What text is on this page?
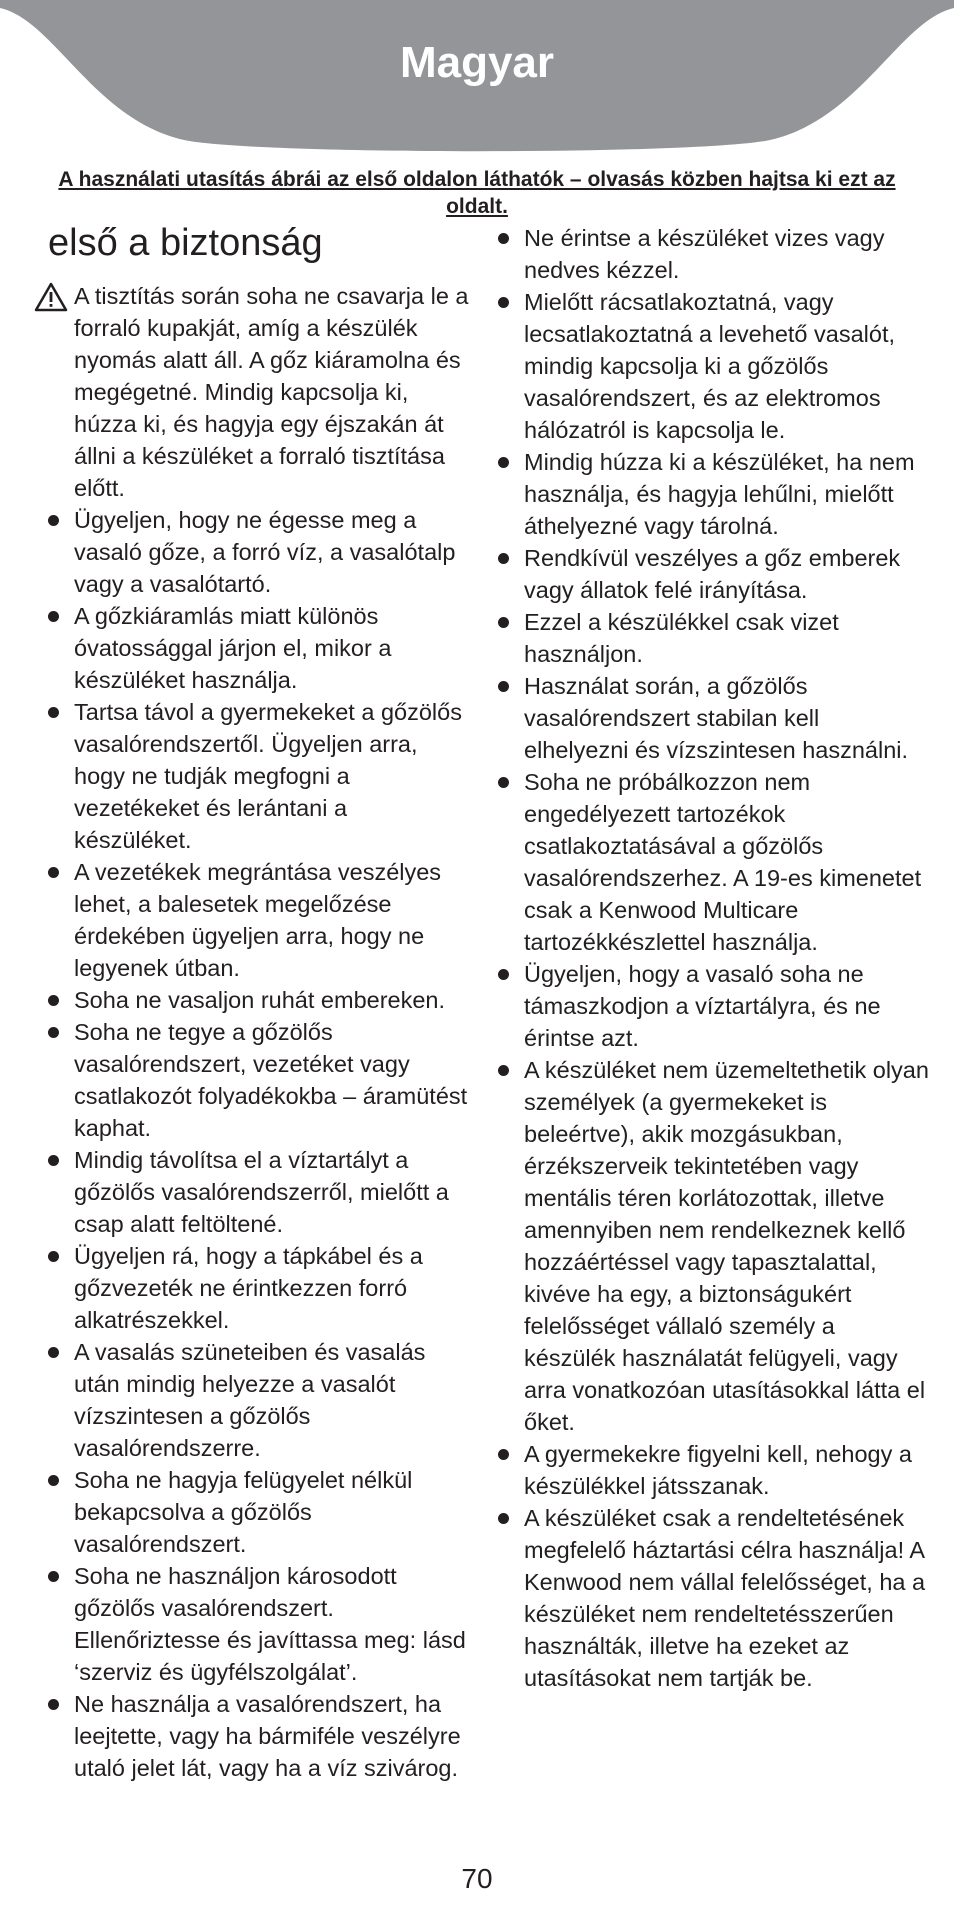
Magyar
A használati utasítás ábrái az első oldalon láthatók – olvasás közben hajtsa ki ezt az oldalt.
első a biztonság
A tisztítás során soha ne csavarja le a forraló kupakját, amíg a készülék nyomás alatt áll. A gőz kiáramolna és megégetné. Mindig kapcsolja ki, húzza ki, és hagyja egy éjszakán át állni a készüléket a forraló tisztítása előtt.
Ügyeljen, hogy ne égesse meg a vasaló gőze, a forró víz, a vasalótalp vagy a vasalótartó.
A gőzkiáramlás miatt különös óvatossággal járjon el, mikor a készüléket használja.
Tartsa távol a gyermekeket a gőzölős vasalórendszertől. Ügyeljen arra, hogy ne tudják megfogni a vezetékeket és lerántani a készüléket.
A vezetékek megrántása veszélyes lehet, a balesetek megelőzése érdekében ügyeljen arra, hogy ne legyenek útban.
Soha ne vasaljon ruhát embereken.
Soha ne tegye a gőzölős vasalórendszert, vezetéket vagy csatlakozót folyadékokba – áramütést kaphat.
Mindig távolítsa el a víztartályt a gőzölős vasalórendszerről, mielőtt a csap alatt feltöltené.
Ügyeljen rá, hogy a tápkábel és a gőzvezeték ne érintkezzen forró alkatrészekkel.
A vasalás szüneteiben és vasalás után mindig helyezze a vasalót vízszintesen a gőzölős vasalórendszerre.
Soha ne hagyja felügyelet nélkül bekapcsolva a gőzölős vasalórendszert.
Soha ne használjon károsodott gőzölős vasalórendszert. Ellenőriztesse és javíttassa meg: lásd ‘szerviz és ügyfélszolgálat’.
Ne használja a vasalórendszert, ha leejtette, vagy ha bármiféle veszélyre utaló jelet lát, vagy ha a víz szivárog.
Ne érintse a készüléket vizes vagy nedves kézzel.
Mielőtt rácsatlakoztatná, vagy lecsatlakoztatná a levehető vasalót, mindig kapcsolja ki a gőzölős vasalórendszert, és az elektromos hálózatról is kapcsolja le.
Mindig húzza ki a készüléket, ha nem használja, és hagyja lehűlni, mielőtt áthelyezné vagy tárolná.
Rendkívül veszélyes a gőz emberek vagy állatok felé irányítása.
Ezzel a készülékkel csak vizet használjon.
Használat során, a gőzölős vasalórendszert stabilan kell elhelyezni és vízszintesen használni.
Soha ne próbálkozzon nem engedélyezett tartozékok csatlakoztatásával a gőzölős vasalórendszerhez. A 19-es kimenetet csak a Kenwood Multicare tartozékkészlettel használja.
Ügyeljen, hogy a vasaló soha ne támaszkodjon a víztartályra, és ne érintse azt.
A készüléket nem üzemeltethetik olyan személyek (a gyermekeket is beleértve), akik mozgásukban, érzékszerveik tekintetében vagy mentális téren korlátozottak, illetve amennyiben nem rendelkeznek kellő hozzáértéssel vagy tapasztalattal, kivéve ha egy, a biztonságukért felelősséget vállaló személy a készülék használatát felügyeli, vagy arra vonatkozóan utasításokkal látta el őket.
A gyermekekre figyelni kell, nehogy a készülékkel játsszanak.
A készüléket csak a rendeltetésének megfelelő háztartási célra használja! A Kenwood nem vállal felelősséget, ha a készüléket nem rendeltetésszerűen használták, illetve ha ezeket az utasításokat nem tartják be.
70
